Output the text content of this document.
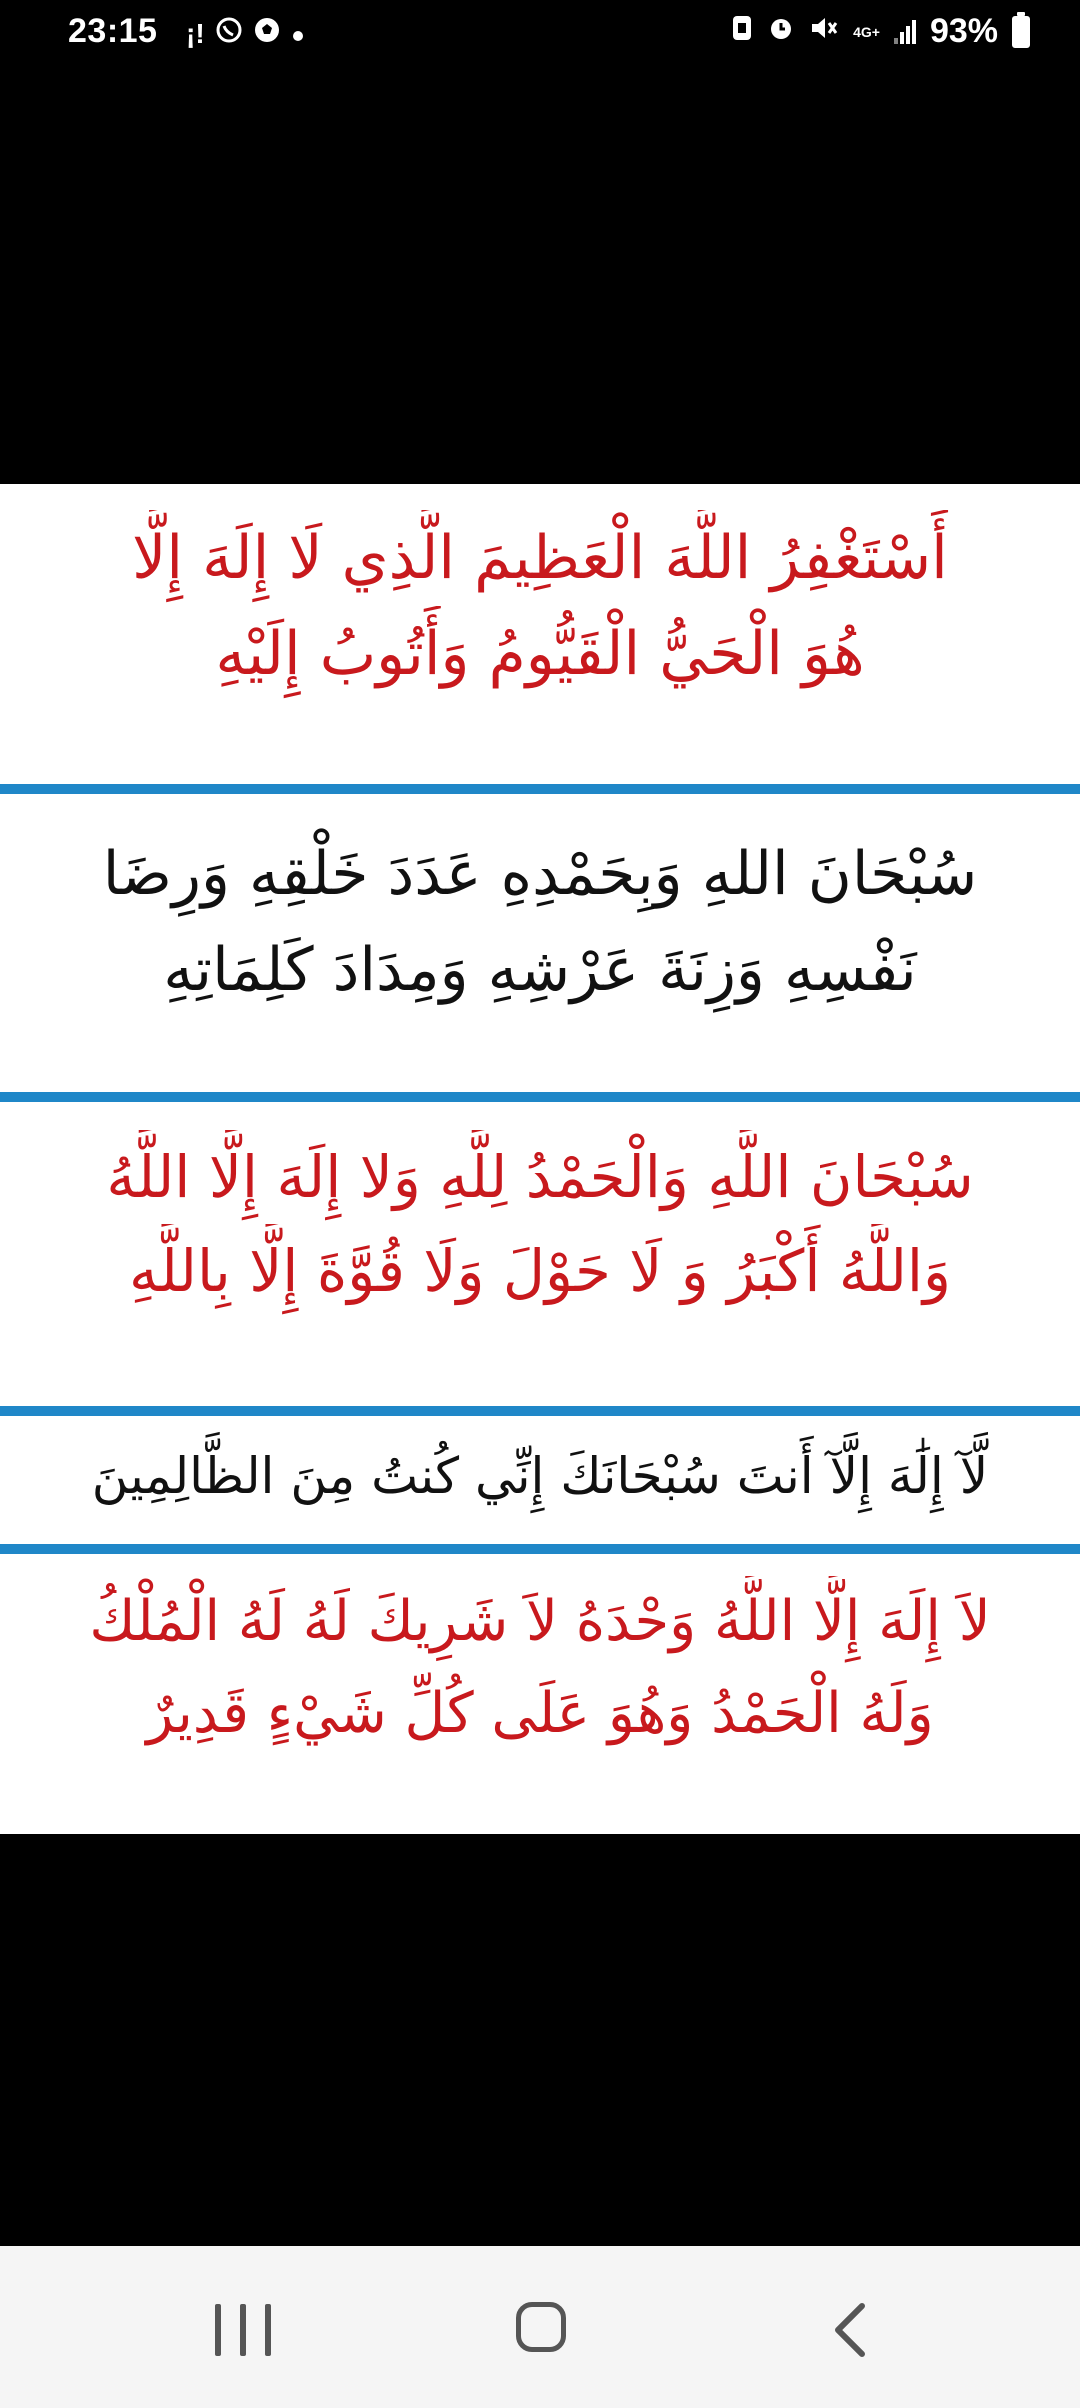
23:15 ¡!	4G+ 93%
أَسْتَغْفِرُ اللَّهَ الْعَظِيمَ الَّذِي لَا إِلَهَ إِلَّا
هُوَ الْحَيُّ الْقَيُّومُ وَأَتُوبُ إِلَيْهِ
سُبْحَانَ اللهِ وَبِحَمْدِهِ عَدَدَ خَلْقِهِ وَرِضَا
نَفْسِهِ وَزِنَةَ عَرْشِهِ وَمِدَادَ كَلِمَاتِهِ
سُبْحَانَ اللَّهِ وَالْحَمْدُ لِلَّهِ وَلا إِلَهَ إِلَّا اللَّهُ
وَاللَّهُ أَكْبَرُ وَ لَا حَوْلَ وَلَا قُوَّةَ إِلَّا بِاللَّهِ
لَّآ إِلَٰهَ إِلَّآ أَنتَ سُبْحَانَكَ إِنِّي كُنتُ مِنَ الظَّالِمِينَ
لاَ إِلَهَ إِلَّا اللَّهُ وَحْدَهُ لاَ شَرِيكَ لَهُ لَهُ الْمُلْكُ
وَلَهُ الْحَمْدُ وَهُوَ عَلَى كُلِّ شَيْءٍ قَدِيرٌ
